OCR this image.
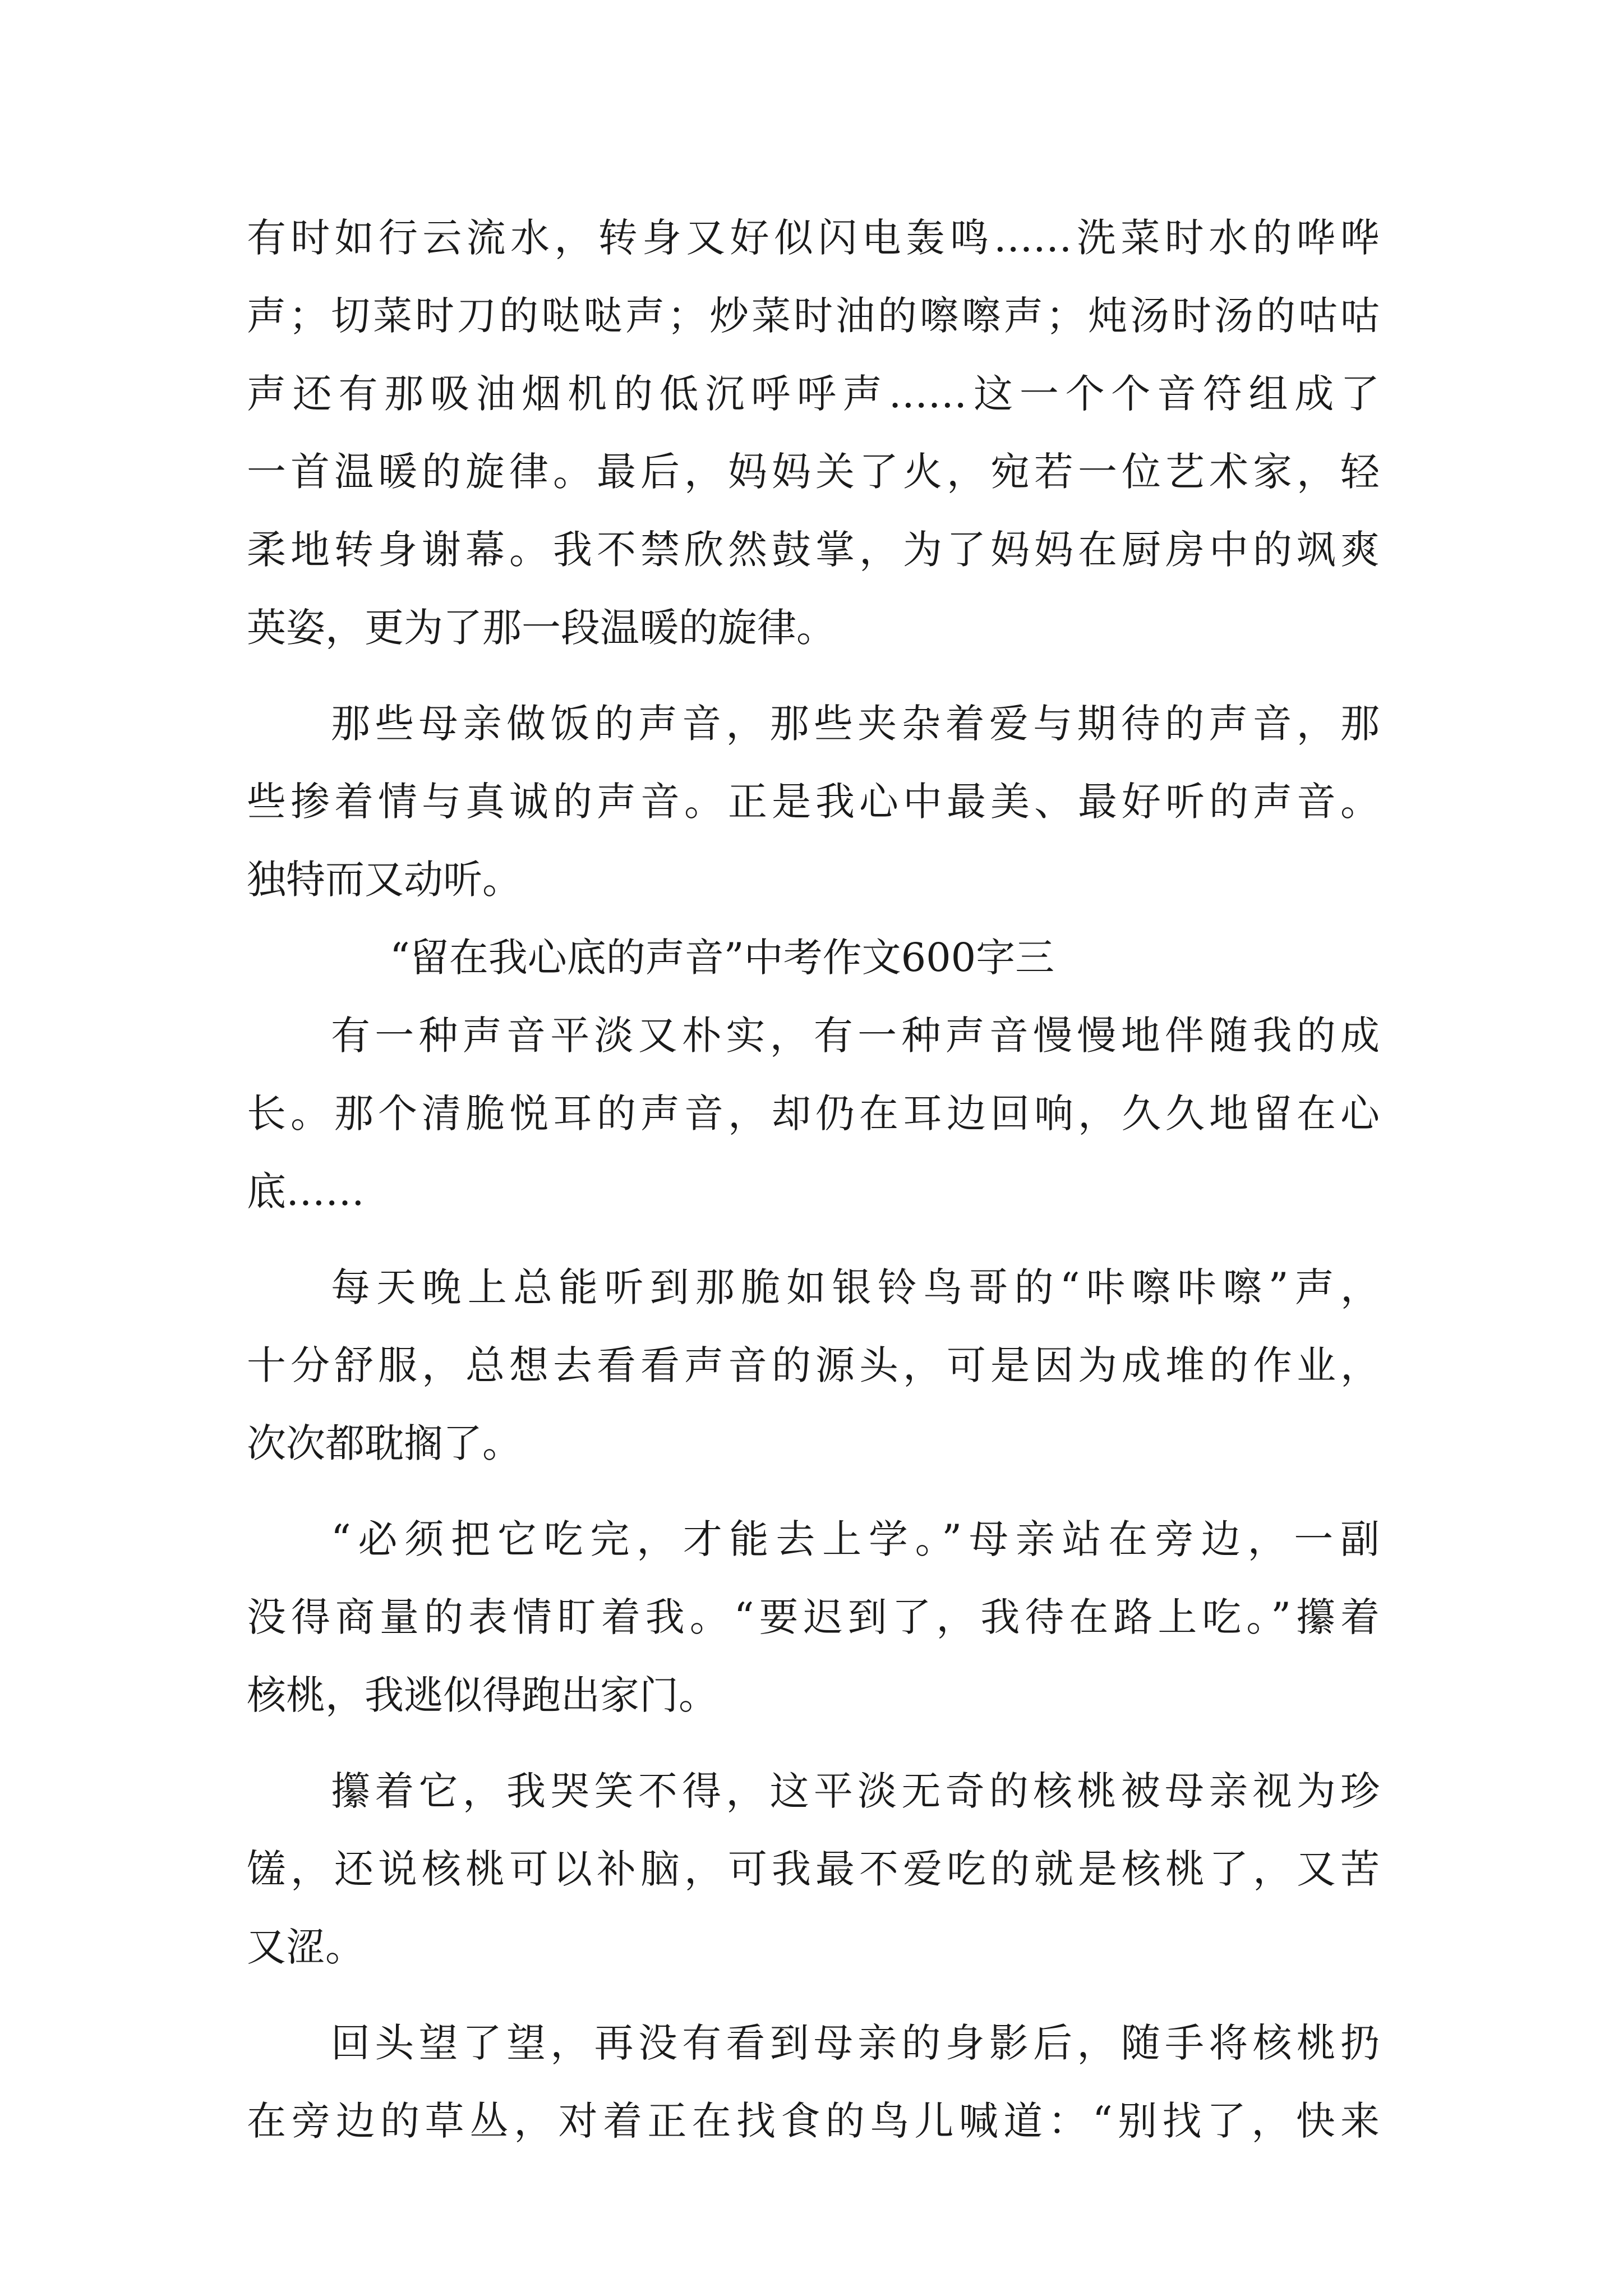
有时如行云流水，转身又好似闪电轰鸣……洗菜时水的哗哗
声；切菜时刀的哒哒声；炒菜时油的嚓嚓声；炖汤时汤的咕咕
声还有那吸油烟机的低沉呼呼声……这一个个音符组成了
一首温暖的旋律。最后，妈妈关了火，宛若一位艺术家，轻
柔地转身谢幕。我不禁欣然鼓掌，为了妈妈在厨房中的飒爽
英姿，更为了那一段温暖的旋律。
那些母亲做饭的声音，那些夹杂着爱与期待的声音，那
些掺着情与真诚的声音。正是我心中最美、最好听的声音。
独特而又动听。
“留在我心底的声音”中考作文600字三
有一种声音平淡又朴实，有一种声音慢慢地伴随我的成
长。那个清脆悦耳的声音，却仍在耳边回响，久久地留在心
底……
每天晚上总能听到那脆如银铃鸟哥的“咔嚓咔嚓”声，
十分舒服，总想去看看声音的源头，可是因为成堆的作业，
次次都耽搁了。
“必须把它吃完，才能去上学。”母亲站在旁边，一副
没得商量的表情盯着我。“要迟到了，我待在路上吃。”攥着
核桃，我逃似得跑出家门。
攥着它，我哭笑不得，这平淡无奇的核桃被母亲视为珍
馐，还说核桃可以补脑，可我最不爱吃的就是核桃了，又苦
又涩。
回头望了望，再没有看到母亲的身影后，随手将核桃扔
在旁边的草丛，对着正在找食的鸟儿喊道：“别找了，快来
